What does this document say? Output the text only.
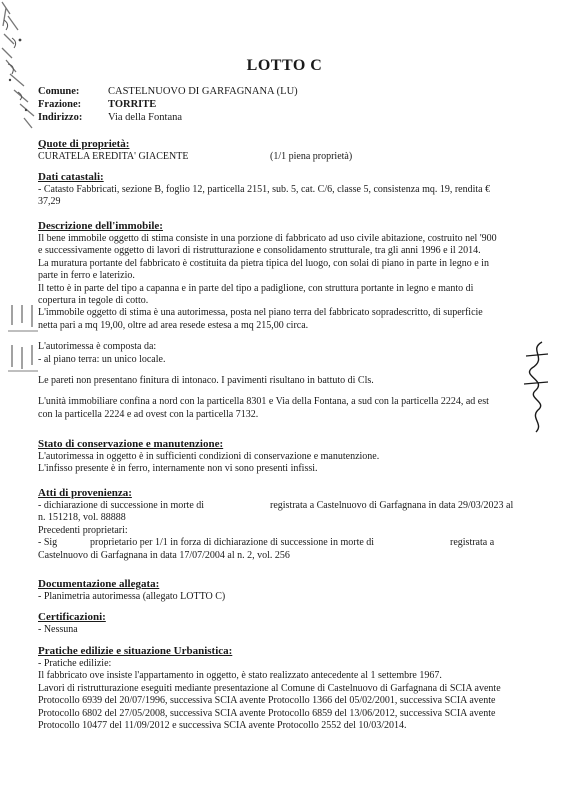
LOTTO C
Comune:	CASTELNUOVO DI GARFAGNANA (LU)
Frazione:	TORRITE
Indirizzo:	Via della Fontana
Quote di proprietà:
CURATELA EREDITA' GIACENTE	(1/1 piena proprietà)
Dati catastali:

- Catasto Fabbricati, sezione B, foglio 12, particella 2151, sub. 5, cat. C/6, classe 5, consistenza mq. 19, rendita €

37,29

Descrizione dell'immobile:

Il bene immobile oggetto di stima consiste in una porzione di fabbricato ad uso civile abitazione, costruito nel '900

e successivamente oggetto di lavori di ristrutturazione e consolidamento strutturale, tra gli anni 1996 e il 2014.

La muratura portante del fabbricato è costituita da pietra tipica del luogo, con solai di piano in parte in legno e in

parte in ferro e laterizio.

Il tetto è in parte del tipo a capanna e in parte del tipo a padiglione, con struttura portante in legno e manto di

copertura in tegole di cotto.

L'immobile oggetto di stima è una autorimessa, posta nel piano terra del fabbricato sopradescritto, di superficie

netta pari a mq 19,00, oltre ad area resede estesa a mq 215,00 circa.

L'autorimessa è composta da:

- al piano terra: un unico locale.

Le pareti non presentano finitura di intonaco. I pavimenti risultano in battuto di Cls.

L'unità immobiliare confina a nord con la particella 8301 e Via della Fontana, a sud con la particella 2224, ad est

con la particella 2224 e ad ovest con la particella 7132.

Stato di conservazione e manutenzione:

L'autorimessa in oggetto è in sufficienti condizioni di conservazione e manutenzione.

L'infisso presente è in ferro, internamente non vi sono presenti infissi.

Atti di provenienza:
- dichiarazione di successione in morte di	registrata a Castelnuovo di Garfagnana in data 29/03/2023 al

n. 151218, vol. 88888

Precedenti proprietari:

- Sig	proprietario per 1/1 in forza di dichiarazione di successione in morte di	registrata a

Castelnuovo di Garfagnana in data 17/07/2004 al n. 2, vol. 256

Documentazione allegata:

- Planimetria autorimessa (allegato LOTTO C)

Certificazioni:

- Nessuna

Pratiche edilizie e situazione Urbanistica:

- Pratiche edilizie:

Il fabbricato ove insiste l'appartamento in oggetto, è stato realizzato antecedente al 1 settembre 1967.

Lavori di ristrutturazione eseguiti mediante presentazione al Comune di Castelnuovo di Garfagnana di SCIA avente

Protocollo 6939 del 20/07/1996, successiva SCIA avente Protocollo 1366 del 05/02/2001, successiva SCIA avente

Protocollo 6802 del 27/05/2008, successiva SCIA avente Protocollo 6859 del 13/06/2012, successiva SCIA avente

Protocollo 10477 del 11/09/2012 e successiva SCIA avente Protocollo 2552 del 10/03/2014.
